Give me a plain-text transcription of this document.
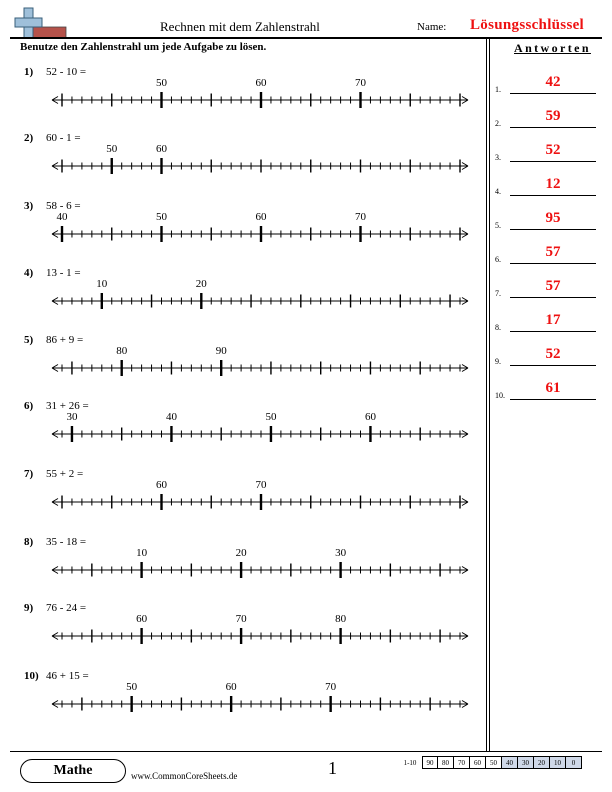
Rechnen mit dem Zahlenstrahl	Name: Lösungsschlüssel
Benutze den Zahlenstrahl um jede Aufgabe zu lösen.	Antworten
1) 52 - 10 =
2) 60 - 1 =
3) 58 - 6 =
4) 13 - 1 =
5) 86 + 9 =
6) 31 + 26 =
7) 55 + 2 =
8) 35 - 18 =
9) 76 - 24 =
10) 46 + 15 =
1.	42
2.	59
3.	52
4.	12
5.	95
6.	57
7.	57
8.	17
9.	52
10.	61
Mathe	www.CommonCoreSheets.de	1	1-10	90	80	70	60	50	40	30	20	10	0
50	60	70
50	60
40	50	60	70
10	20
80	90
30	40	50	60
60	70
10	20	30
60	70	80
50	60	70
